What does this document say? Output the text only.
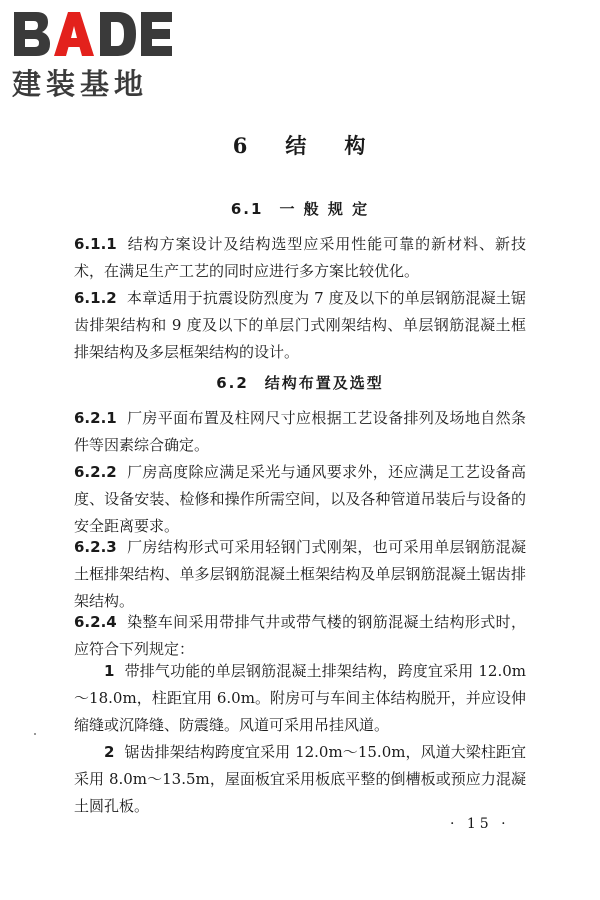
建装基地
6 结 构
6.1 一 般 规 定
6.1.1 结构方案设计及结构选型应采用性能可靠的新材料、新技术，在满足生产工艺的同时应进行多方案比较优化。
6.1.2 本章适用于抗震设防烈度为 7 度及以下的单层钢筋混凝土锯齿排架结构和 9 度及以下的单层门式刚架结构、单层钢筋混凝土框排架结构及多层框架结构的设计。
6.2 结构布置及选型
6.2.1 厂房平面布置及柱网尺寸应根据工艺设备排列及场地自然条件等因素综合确定。
6.2.2 厂房高度除应满足采光与通风要求外，还应满足工艺设备高度、设备安装、检修和操作所需空间，以及各种管道吊装后与设备的安全距离要求。
6.2.3 厂房结构形式可采用轻钢门式刚架，也可采用单层钢筋混凝土框排架结构、单多层钢筋混凝土框架结构及单层钢筋混凝土锯齿排架结构。
6.2.4 染整车间采用带排气井或带气楼的钢筋混凝土结构形式时，应符合下列规定：
1 带排气功能的单层钢筋混凝土排架结构，跨度宜采用 12.0m～18.0m，柱距宜用 6.0m。附房可与车间主体结构脱开，并应设伸缩缝或沉降缝、防震缝。风道可采用吊挂风道。
2 锯齿排架结构跨度宜采用 12.0m～15.0m，风道大梁柱距宜采用 8.0m～13.5m，屋面板宜采用板底平整的倒槽板或预应力混凝土圆孔板。
· 15 ·
